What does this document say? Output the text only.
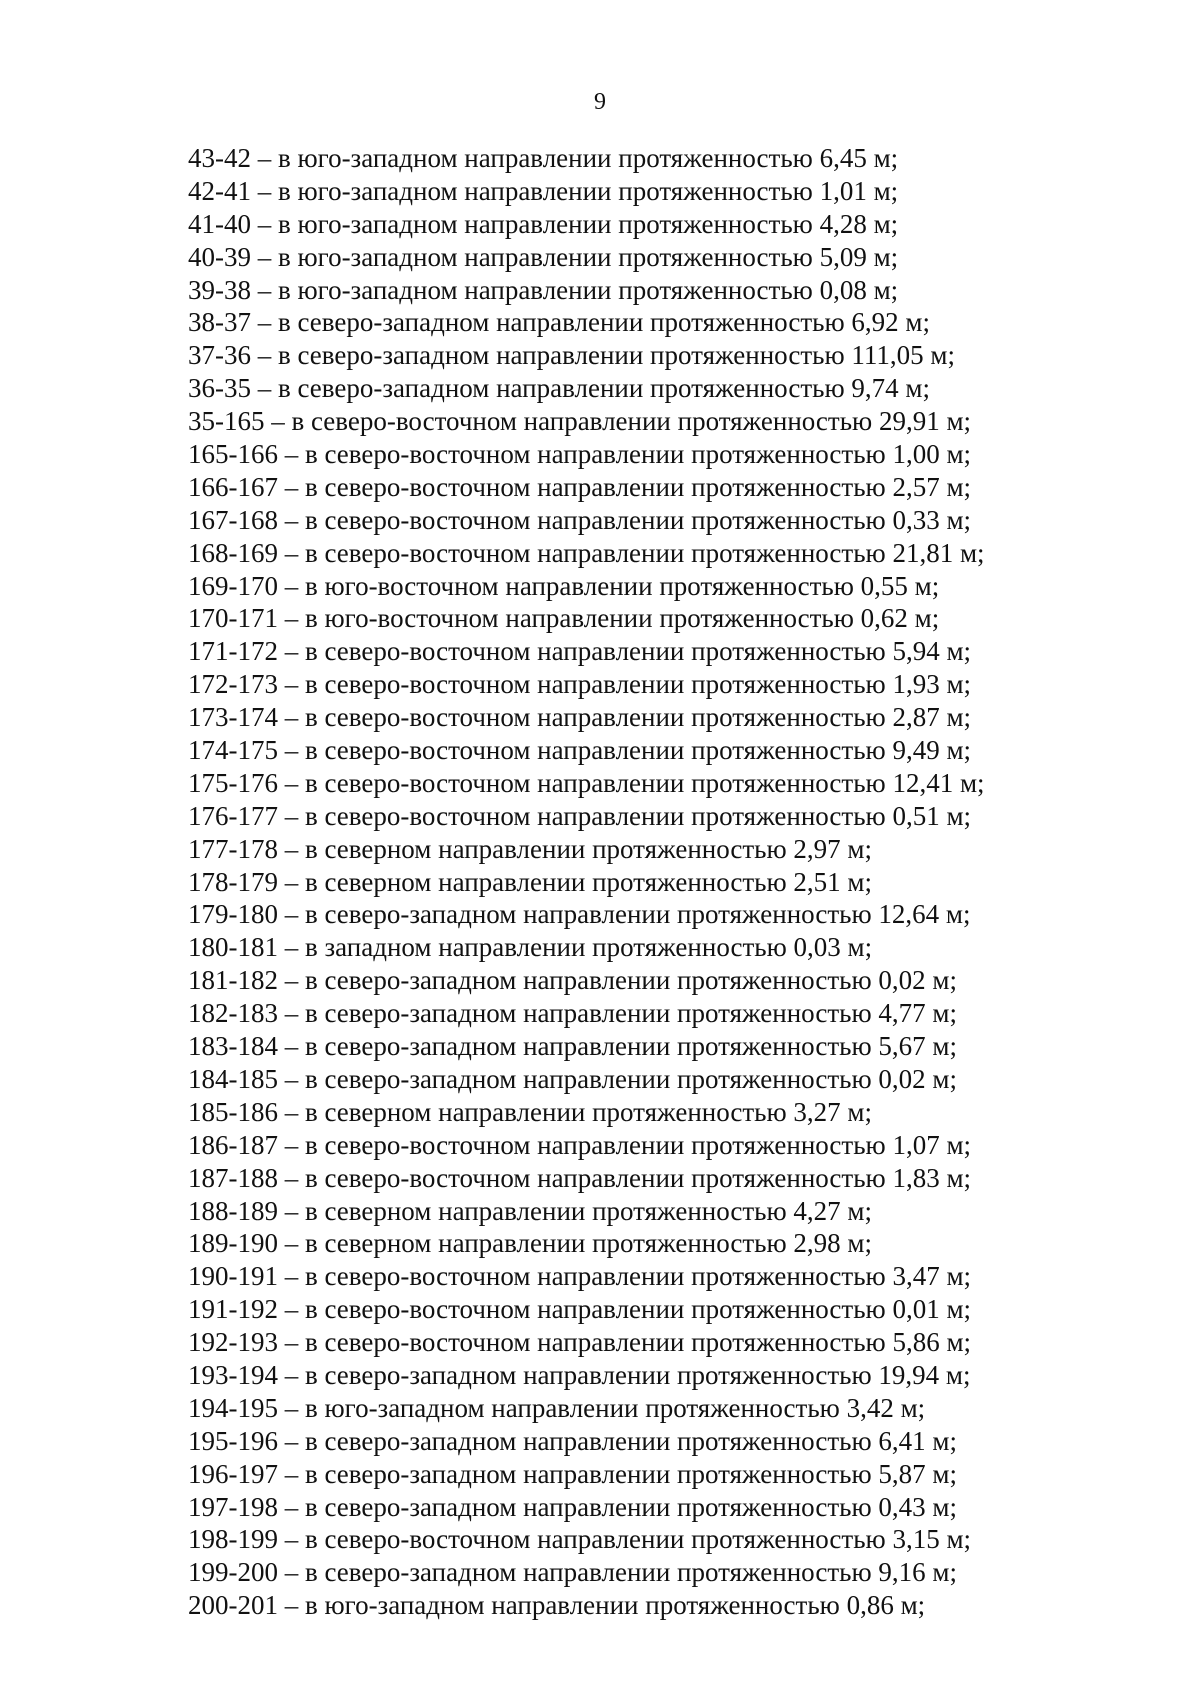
9
43-42 – в юго-западном направлении протяженностью 6,45 м;
42-41 – в юго-западном направлении протяженностью 1,01 м;
41-40 – в юго-западном направлении протяженностью 4,28 м;
40-39 – в юго-западном направлении протяженностью 5,09 м;
39-38 – в юго-западном направлении протяженностью 0,08 м;
38-37 – в северо-западном направлении протяженностью 6,92 м;
37-36 – в северо-западном направлении протяженностью 111,05 м;
36-35 – в северо-западном направлении протяженностью 9,74 м;
35-165 – в северо-восточном направлении протяженностью 29,91 м;
165-166 – в северо-восточном направлении протяженностью 1,00 м;
166-167 – в северо-восточном направлении протяженностью 2,57 м;
167-168 – в северо-восточном направлении протяженностью 0,33 м;
168-169 – в северо-восточном направлении протяженностью 21,81 м;
169-170 – в юго-восточном направлении протяженностью 0,55 м;
170-171 – в юго-восточном направлении протяженностью 0,62 м;
171-172 – в северо-восточном направлении протяженностью 5,94 м;
172-173 – в северо-восточном направлении протяженностью 1,93 м;
173-174 – в северо-восточном направлении протяженностью 2,87 м;
174-175 – в северо-восточном направлении протяженностью 9,49 м;
175-176 – в северо-восточном направлении протяженностью 12,41 м;
176-177 – в северо-восточном направлении протяженностью 0,51 м;
177-178 – в северном направлении протяженностью 2,97 м;
178-179 – в северном направлении протяженностью 2,51 м;
179-180 – в северо-западном направлении протяженностью 12,64 м;
180-181 – в западном направлении протяженностью 0,03 м;
181-182 – в северо-западном направлении протяженностью 0,02 м;
182-183 – в северо-западном направлении протяженностью 4,77 м;
183-184 – в северо-западном направлении протяженностью 5,67 м;
184-185 – в северо-западном направлении протяженностью 0,02 м;
185-186 – в северном направлении протяженностью 3,27 м;
186-187 – в северо-восточном направлении протяженностью 1,07 м;
187-188 – в северо-восточном направлении протяженностью 1,83 м;
188-189 – в северном направлении протяженностью 4,27 м;
189-190 – в северном направлении протяженностью 2,98 м;
190-191 – в северо-восточном направлении протяженностью 3,47 м;
191-192 – в северо-восточном направлении протяженностью 0,01 м;
192-193 – в северо-восточном направлении протяженностью 5,86 м;
193-194 – в северо-западном направлении протяженностью 19,94 м;
194-195 – в юго-западном направлении протяженностью 3,42 м;
195-196 – в северо-западном направлении протяженностью 6,41 м;
196-197 – в северо-западном направлении протяженностью 5,87 м;
197-198 – в северо-западном направлении протяженностью 0,43 м;
198-199 – в северо-восточном направлении протяженностью 3,15 м;
199-200 – в северо-западном направлении протяженностью 9,16 м;
200-201 – в юго-западном направлении протяженностью 0,86 м;
